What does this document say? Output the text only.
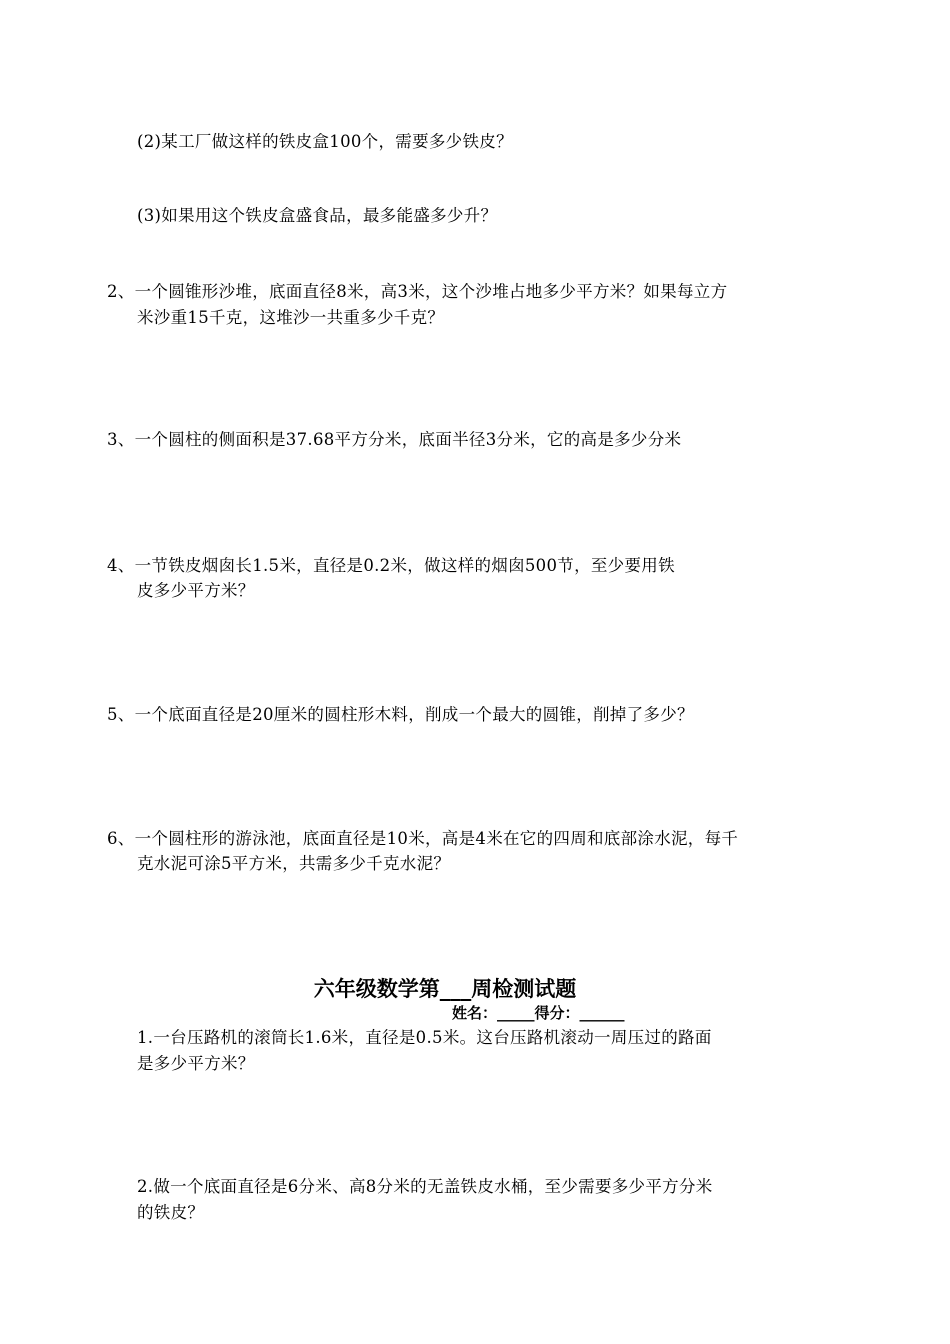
(2)某工厂做这样的铁皮盒100个，需要多少铁皮？
(3)如果用这个铁皮盒盛食品，最多能盛多少升？
2、一个圆锥形沙堆，底面直径8米，高3米，这个沙堆占地多少平方米？如果每立方
米沙重15千克，这堆沙一共重多少千克？
3、一个圆柱的侧面积是37.68平方分米，底面半径3分米，它的高是多少分米
4、一节铁皮烟囱长1.5米，直径是0.2米，做这样的烟囱500节，至少要用铁
皮多少平方米？
5、一个底面直径是20厘米的圆柱形木料，削成一个最大的圆锥，削掉了多少？
6、一个圆柱形的游泳池，底面直径是10米，高是4米在它的四周和底部涂水泥，每千
克水泥可涂5平方米，共需多少千克水泥？
六年级数学第___周检测试题
姓名：_____得分：______
1.一台压路机的滚筒长1.6米，直径是0.5米。这台压路机滚动一周压过的路面
是多少平方米？
2.做一个底面直径是6分米、高8分米的无盖铁皮水桶，至少需要多少平方分米
的铁皮？
